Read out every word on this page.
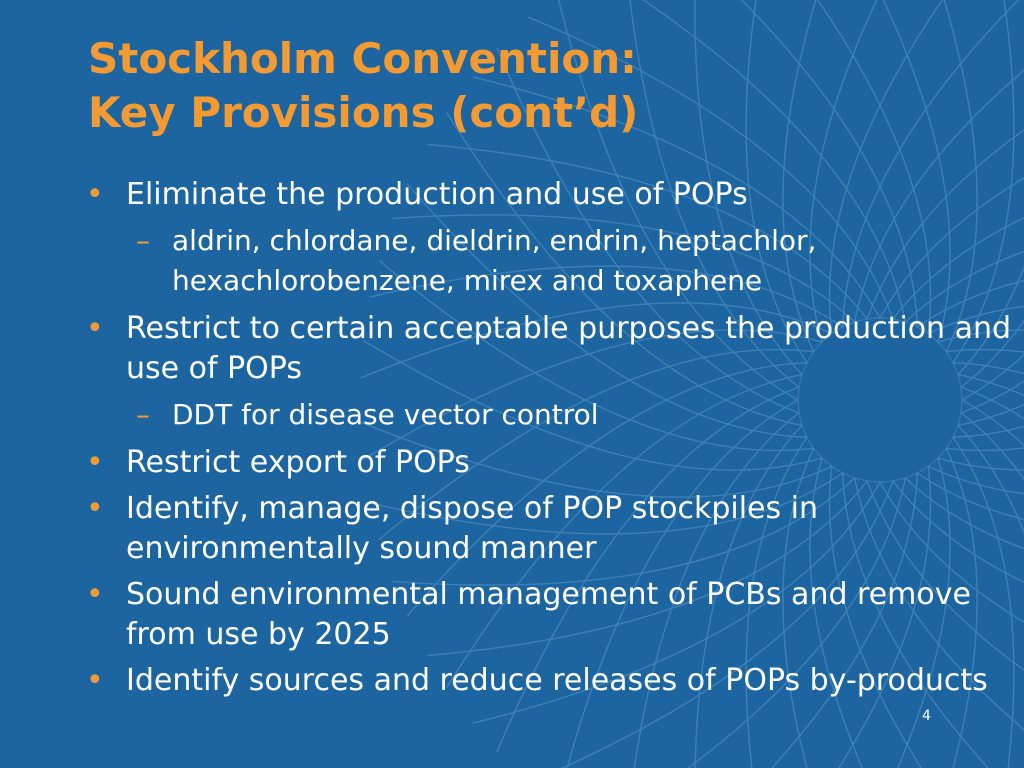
Stockholm Convention:
Key Provisions (cont’d)
• Eliminate the production and use of POPs
– aldrin, chlordane, dieldrin, endrin, heptachlor, hexachlorobenzene, mirex and toxaphene
• Restrict to certain acceptable purposes the production and use of POPs
– DDT for disease vector control
• Restrict export of POPs
• Identify, manage, dispose of POP stockpiles in environmentally sound manner
• Sound environmental management of PCBs and remove from use by 2025
• Identify sources and reduce releases of POPs by-products
4
